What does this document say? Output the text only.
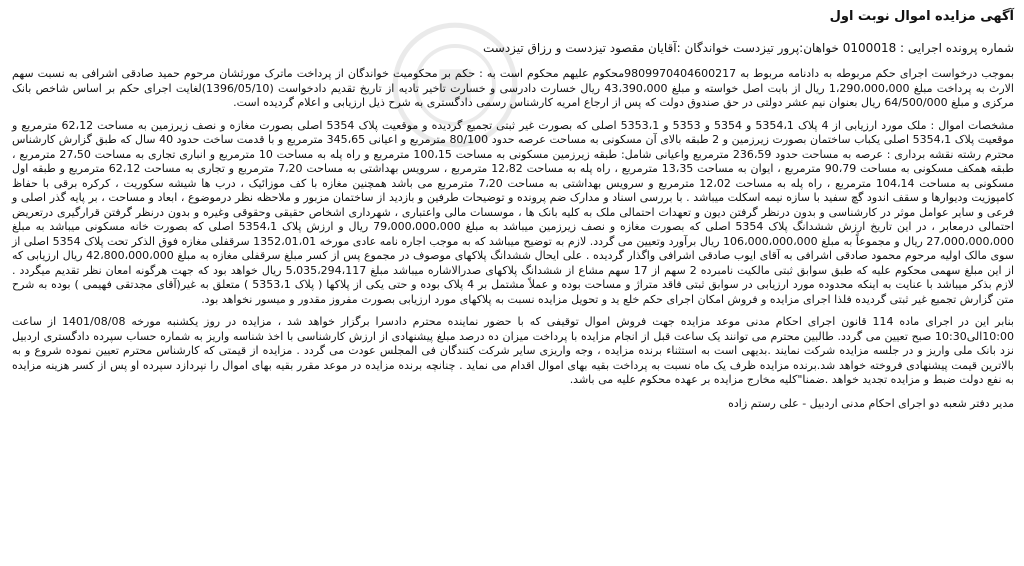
آگهی مزایده اموال نوبت اول
شماره پرونده اجرایی : 0100018 خواهان:پرور تیزدست خواندگان :آقایان مقصود تیزدست و رزاق تیزدست

بموجب درخواست اجرای حکم مربوطه به دادنامه مربوط به 9809970404600217محکوم علیهم محکوم است به : حکم بر محکومیت خواندگان از پرداخت ماترک مورثشان مرحوم حمید صادقی اشرافی به نسبت سهم الارث به پرداخت مبلغ 1،290،000،000 ریال از بابت اصل خواسته و مبلغ 43،390،000 ریال خسارت دادرسی و خسارت تاخیر تادیه از تاریخ تقدیم دادخواست (1396/05/10)لغایت اجرای حکم بر اساس شاخص بانک مرکزی و مبلغ 64/500/000 ریال بعنوان نیم عشر دولتی در حق صندوق دولت که پس از ارجاع امریه کارشناس رسمی دادگستری به شرح ذیل ارزیابی و اعلام گردیده است.

مشخصات اموال : ملک مورد ارزیابی از 4 پلاک 5354،1 و 5354 و 5353 و 5353،1 اصلی که بصورت غیر ثبتی تجمیع گردیده و موقعیت پلاک 5354 اصلی بصورت مغازه و نصف زیرزمین به مساحت 62،12 مترمربع و موقعیت پلاک 5354،1 اصلی یکباب ساختمان بصورت زیرزمین و 2 طبقه بالای آن مسکونی به مساحت عرصه حدود 80/100 مترمربع و اعیانی 345،65 مترمربع و با قدمت ساخت حدود 40 سال که طبق گزارش کارشناس محترم رشته نقشه برداری : عرصه به مساحت حدود 236،59 مترمربع واعیانی شامل: طبقه زیرزمین مسکونی به مساحت 100،15 مترمربع و راه پله به مساحت 10 مترمربع و انباری تجاری به مساحت 27،50 مترمربع ، طبقه همکف مسکونی به مساحت 90،79 مترمربع ، ایوان به مساحت 13،35 مترمربع ، راه پله به مساحت 12،82 مترمربع ، سرویس بهداشتی به مساحت 7،20 مترمربع و تجاری به مساحت 62،12 مترمربع و طبقه اول مسکونی به مساحت 104،14 مترمربع ، راه پله به مساحت 12،02 مترمربع و سرویس بهداشتی به مساحت 7،20 مترمربع می باشد همچنین مغازه با کف موزائیک ، درب ها شیشه سکوریت ، کرکره برقی با حفاظ کامپوزیت ودیوارها و سقف اندود گچ سفید با سازه نیمه اسکلت میباشد . با بررسی اسناد و مدارک ضم پرونده و توضیحات طرفین و بازدید از ساختمان مزبور و ملاحظه نظر درموضوع ، ابعاد و مساحت ، بر پایه گذر اصلی و فرعی و سایر عوامل موثر در کارشناسی و بدون درنظر گرفتن دیون و تعهدات احتمالی ملک به کلیه بانک ها ، موسسات مالی واعتباری ، شهرداری اشخاص حقیقی وحقوقی وغیره و بدون درنظر گرفتن قرارگیری درتعریض احتمالی درمعابر ، در این تاریخ ارزش ششدانگ پلاک 5354 اصلی که بصورت مغازه و نصف زیرزمین میباشد به مبلغ 79،000،000،000 ریال و ارزش پلاک 5354،1 اصلی که بصورت خانه مسکونی میباشد به مبلغ 27،000،000،000 ریال و مجموعاً به مبلغ 106،000،000،000 ریال برآورد وتعیین می گردد. لازم به توضیح میباشد که به موجب اجاره نامه عادی مورخه 1352،01،01 سرقفلی مغازه فوق الذکر تحت پلاک 5354 اصلی از سوی مالک اولیه مرحوم محمود صادقی اشرافی به آقای ایوب صادقی اشرافی واگذار گردیده . علی ایحال ششدانگ پلاکهای موصوف در مجموع پس از کسر مبلغ سرقفلی مغازه به مبلغ 42،800،000،000 ریال ارزیابی که از این مبلغ سهمی محکوم علیه که طبق سوابق ثبتی مالکیت نامبرده 2 سهم از 17 سهم مشاع از ششدانگ پلاکهای صدرالاشاره میباشد مبلغ 5،035،294،117 ریال خواهد بود که جهت هرگونه امعان نظر تقدیم میگردد . لازم بذکر میباشد با عنایت به اینکه محدوده مورد ارزیابی در سوابق ثبتی فاقد متراژ و مساحت بوده و عملاً مشتمل بر 4 پلاک بوده و حتی یکی از پلاکها ( پلاک 5353،1 ) متعلق به غیر(آقای مجدتقی فهیمی ) بوده به شرح متن گزارش تجمیع غیر ثبتی گردیده فلذا اجرای مزایده و فروش امکان اجرای حکم خلع ید و تحویل مزایده نسبت به پلاکهای مورد ارزیابی بصورت مفروز مقدور و میسور نخواهد بود.

بنابر این در اجرای ماده 114 قانون اجرای احکام مدنی موعد مزایده جهت فروش اموال توقیفی که با حضور نماینده محترم دادسرا برگزار خواهد شد ، مزایده در روز یکشنبه مورخه 1401/08/08 از ساعت 10:00الی10:30 صبح تعیین می گردد. طالبین محترم می توانند یک ساعت قبل از انجام مزایده با پرداخت میزان ده درصد مبلغ پیشنهادی از ارزش کارشناسی با اخذ شناسه واریز به شماره حساب سپرده دادگستری اردبیل نزد بانک ملی واریز و در جلسه مزایده شرکت نمایند .بدیهی است به استثناء برنده مزایده ، وجه واریزی سایر شرکت کنندگان فی المجلس عودت می گردد . مزایده از قیمتی که کارشناس محترم تعیین نموده شروع و به بالاترین قیمت پیشنهادی فروخته خواهد شد.برنده مزایده ظرف یک ماه نسبت به پرداخت بقیه بهای اموال اقدام می نماید . چنانچه برنده مزایده در موعد مقرر بقیه بهای اموال را نپردازد سپرده او پس از کسر هزینه مزایده به نفع دولت ضبط و مزایده تجدید خواهد .ضمنا"کلیه مخارج مزایده بر عهده محکوم علیه می باشد.

مدیر دفتر شعبه دو اجرای احکام مدنی اردبیل - علی رستم زاده
